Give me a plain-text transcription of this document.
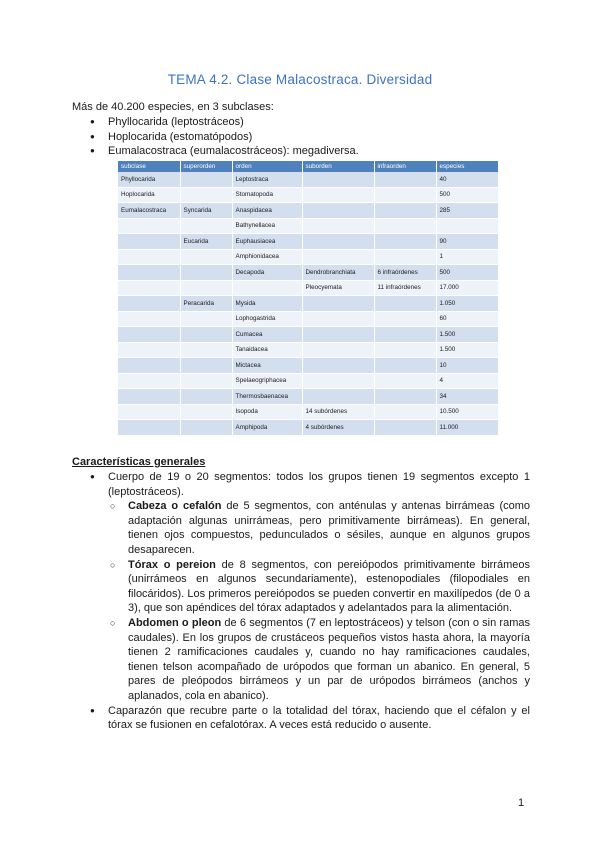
TEMA 4.2. Clase Malacostraca. Diversidad
Más de 40.200 especies, en 3 subclases:
● Phyllocarida (leptostráceos)
● Hoplocarida (estomatópodos)
● Eumalacostraca (eumalacostráceos): megadiversa.
subclase	superorden	orden	suborden	infraorden	especies
Phyllocarida		Leptostraca			40
Hoplocarida		Stomatopoda			500
Eumalacostraca	Syncarida	Anaspidacea			285
		Bathynellacea			
	Eucarida	Euphausiacea			90
		Amphionidacea			1
		Decapoda	Dendrobranchiata	6 infraórdenes	500
			Pleocyemata	11 infraórdenes	17.000
	Peracarida	Mysida			1.050
		Lophogastrida			60
		Cumacea			1.500
		Tanaidacea			1.500
		Mictacea			10
		Spelaeogriphacea			4
		Thermosbaenacea			34
		Isopoda	14 subórdenes		10.500
		Amphipoda	4 subórdenes		11.000
Características generales
● Cuerpo de 19 o 20 segmentos: todos los grupos tienen 19 segmentos excepto 1 (leptostráceos).
○ Cabeza o cefalón de 5 segmentos, con anténulas y antenas birrámeas (como adaptación algunas unirrámeas, pero primitivamente birrámeas). En general, tienen ojos compuestos, pedunculados o sésiles, aunque en algunos grupos desaparecen.
○ Tórax o pereion de 8 segmentos, con pereiópodos primitivamente birrámeos (unirrámeos en algunos secundariamente), estenopodiales (filopodiales en filocáridos). Los primeros pereiópodos se pueden convertir en maxilípedos (de 0 a 3), que son apéndices del tórax adaptados y adelantados para la alimentación.
○ Abdomen o pleon de 6 segmentos (7 en leptostráceos) y telson (con o sin ramas caudales). En los grupos de crustáceos pequeños vistos hasta ahora, la mayoría tienen 2 ramificaciones caudales y, cuando no hay ramificaciones caudales, tienen telson acompañado de urópodos que forman un abanico. En general, 5 pares de pleópodos birrámeos y un par de urópodos birrámeos (anchos y aplanados, cola en abanico).
● Caparazón que recubre parte o la totalidad del tórax, haciendo que el céfalon y el tórax se fusionen en cefalotórax. A veces está reducido o ausente.
1
